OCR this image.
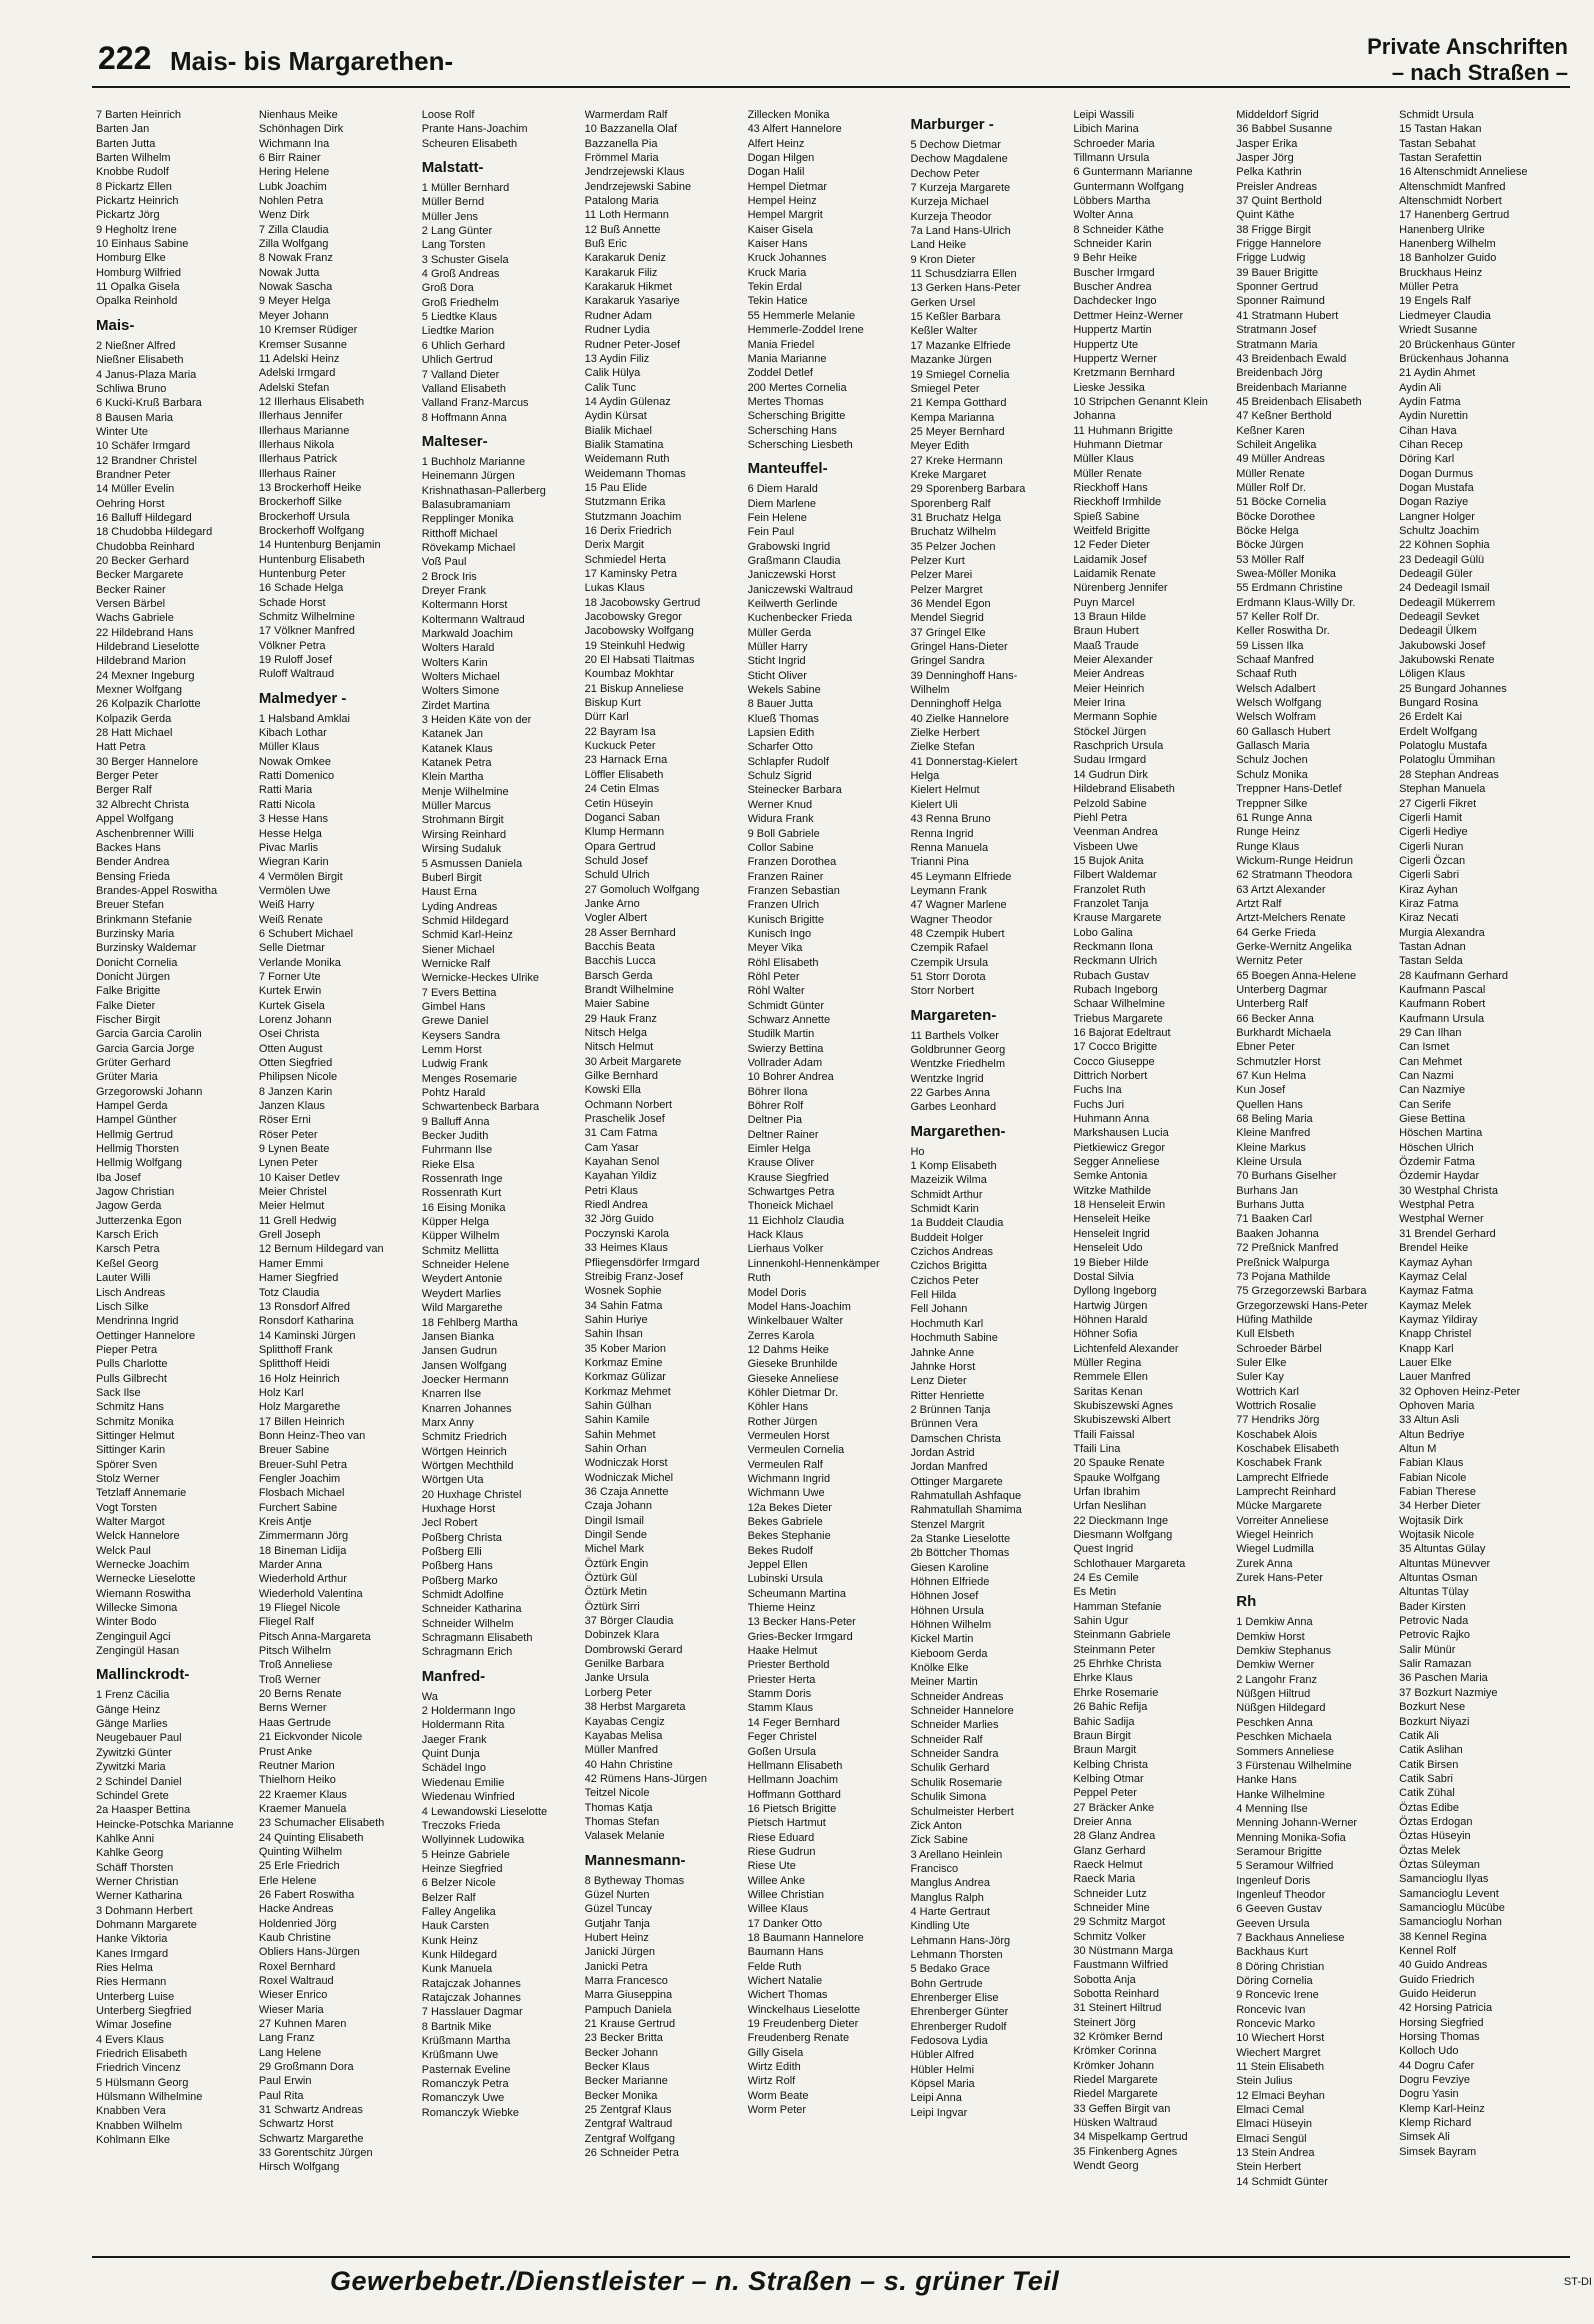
222 Mais- bis Margarethen-	Private Anschriften
– nach Straßen –
7 Barten Heinrich
Barten Jan
Barten Jutta
Barten Wilhelm
Knobbe Rudolf
8 Pickartz Ellen
Pickartz Heinrich
Pickartz Jörg
9 Hegholtz Irene
10 Einhaus Sabine
Homburg Elke
Homburg Wilfried
11 Opalka Gisela
Opalka Reinhold
Mais-
2 Nießner Alfred
Nießner Elisabeth
4 Janus-Plaza Maria
Schliwa Bruno
6 Kucki-Kruß Barbara
8 Bausen Maria
Winter Ute
10 Schäfer Irmgard
12 Brandner Christel
Brandner Peter
14 Müller Evelin
Oehring Horst
16 Balluff Hildegard
18 Chudobba Hildegard
Chudobba Reinhard
20 Becker Gerhard
Becker Margarete
Becker Rainer
Versen Bärbel
Wachs Gabriele
22 Hildebrand Hans
Hildebrand Lieselotte
Hildebrand Marion
24 Mexner Ingeburg
Mexner Wolfgang
26 Kolpazik Charlotte
Kolpazik Gerda
28 Hatt Michael
Hatt Petra
30 Berger Hannelore
Berger Peter
Berger Ralf
32 Albrecht Christa
Appel Wolfgang
Aschenbrenner Willi
Backes Hans
Bender Andrea
Bensing Frieda
Brandes-Appel Roswitha
Breuer Stefan
Brinkmann Stefanie
Burzinsky Maria
Burzinsky Waldemar
Donicht Cornelia
Donicht Jürgen
Falke Brigitte
Falke Dieter
Fischer Birgit
Garcia Garcia Carolin
Garcia Garcia Jorge
Grüter Gerhard
Grüter Maria
Grzegorowski Johann
Hampel Gerda
Hampel Günther
Hellmig Gertrud
Hellmig Thorsten
Hellmig Wolfgang
Iba Josef
Jagow Christian
Jagow Gerda
Jutterzenka Egon
Karsch Erich
Karsch Petra
Keßel Georg
Lauter Willi
Lisch Andreas
Lisch Silke
Mendrinna Ingrid
Oettinger Hannelore
Pieper Petra
Pulls Charlotte
Pulls Gilbrecht
Sack Ilse
Schmitz Hans
Schmitz Monika
Sittinger Helmut
Sittinger Karin
Spörer Sven
Stolz Werner
Tetzlaff Annemarie
Vogt Torsten
Walter Margot
Welck Hannelore
Welck Paul
Wernecke Joachim
Wernecke Lieselotte
Wiemann Roswitha
Willecke Simona
Winter Bodo
Zenginguil Agci
Zengingül Hasan
Mallinckrodt-
1 Frenz Cäcilia
Gänge Heinz
Gänge Marlies
Neugebauer Paul
Zywitzki Günter
Zywitzki Maria
2 Schindel Daniel
Schindel Grete
2a Haasper Bettina
Heincke-Potschka Marianne
Kahlke Anni
Kahlke Georg
Schäff Thorsten
Werner Christian
Werner Katharina
3 Dohmann Herbert
Dohmann Margarete
Hanke Viktoria
Kanes Irmgard
Ries Helma
Ries Hermann
Unterberg Luise
Unterberg Siegfried
Wimar Josefine
4 Evers Klaus
Friedrich Elisabeth
Friedrich Vincenz
5 Hülsmann Georg
Hülsmann Wilhelmine
Knabben Vera
Knabben Wilhelm
Kohlmann Elke
Nienhaus Meike
Schönhagen Dirk
Wichmann Ina
6 Birr Rainer
Hering Helene
Lubk Joachim
Nohlen Petra
Wenz Dirk
7 Zilla Claudia
Zilla Wolfgang
8 Nowak Franz
Nowak Jutta
Nowak Sascha
9 Meyer Helga
Meyer Johann
10 Kremser Rüdiger
Kremser Susanne
11 Adelski Heinz
Adelski Irmgard
Adelski Stefan
12 Illerhaus Elisabeth
Illerhaus Jennifer
Illerhaus Marianne
Illerhaus Nikola
Illerhaus Patrick
Illerhaus Rainer
13 Brockerhoff Heike
Brockerhoff Silke
Brockerhoff Ursula
Brockerhoff Wolfgang
14 Huntenburg Benjamin
Huntenburg Elisabeth
Huntenburg Peter
16 Schade Helga
Schade Horst
Schmitz Wilhelmine
17 Völkner Manfred
Völkner Petra
19 Ruloff Josef
Ruloff Waltraud
Malmedyer -
1 Halsband Amklai
Kibach Lothar
Müller Klaus
Nowak Omkee
Ratti Domenico
Ratti Maria
Ratti Nicola
3 Hesse Hans
Hesse Helga
Pivac Marlis
Wiegran Karin
4 Vermölen Birgit
Vermölen Uwe
Weiß Harry
Weiß Renate
6 Schubert Michael
Selle Dietmar
Verlande Monika
7 Forner Ute
Kurtek Erwin
Kurtek Gisela
Lorenz Johann
Osei Christa
Otten August
Otten Siegfried
Philipsen Nicole
8 Janzen Karin
Janzen Klaus
Röser Erni
Röser Peter
9 Lynen Beate
Lynen Peter
10 Kaiser Detlev
Meier Christel
Meier Helmut
11 Grell Hedwig
Grell Joseph
12 Bernum Hildegard van
Hamer Emmi
Hamer Siegfried
Totz Claudia
13 Ronsdorf Alfred
Ronsdorf Katharina
14 Kaminski Jürgen
Splitthoff Frank
Splitthoff Heidi
16 Holz Heinrich
Holz Karl
Holz Margarethe
17 Billen Heinrich
Bonn Heinz-Theo van
Breuer Sabine
Breuer-Suhl Petra
Fengler Joachim
Flosbach Michael
Furchert Sabine
Kreis Antje
Zimmermann Jörg
18 Bineman Lidija
Marder Anna
Wiederhold Arthur
Wiederhold Valentina
19 Fliegel Nicole
Fliegel Ralf
Pitsch Anna-Margareta
Pitsch Wilhelm
Troß Anneliese
Troß Werner
20 Berns Renate
Berns Werner
Haas Gertrude
21 Eickvonder Nicole
Prust Anke
Reutner Marion
Thielhorn Heiko
22 Kraemer Klaus
Kraemer Manuela
23 Schumacher Elisabeth
24 Quinting Elisabeth
Quinting Wilhelm
25 Erle Friedrich
Erle Helene
26 Fabert Roswitha
Hacke Andreas
Holdenried Jörg
Kaub Christine
Obliers Hans-Jürgen
Roxel Bernhard
Roxel Waltraud
Wieser Enrico
Wieser Maria
27 Kuhnen Maren
Lang Franz
Lang Helene
29 Großmann Dora
Paul Erwin
Paul Rita
31 Schwartz Andreas
Schwartz Horst
Schwartz Margarethe
33 Gorentschitz Jürgen
Hirsch Wolfgang
Loose Rolf
Prante Hans-Joachim
Scheuren Elisabeth
Malstatt-
1 Müller Bernhard
Müller Bernd
Müller Jens
2 Lang Günter
Lang Torsten
3 Schuster Gisela
4 Groß Andreas
Groß Dora
Groß Friedhelm
5 Liedtke Klaus
Liedtke Marion
6 Uhlich Gerhard
Uhlich Gertrud
7 Valland Dieter
Valland Elisabeth
Valland Franz-Marcus
8 Hoffmann Anna
Malteser-
1 Buchholz Marianne
Heinemann Jürgen
Krishnathasan-Pallerberg
Balasubramaniam
Repplinger Monika
Ritthoff Michael
Rövekamp Michael
Voß Paul
2 Brock Iris
Dreyer Frank
Koltermann Horst
Koltermann Waltraud
Markwald Joachim
Wolters Harald
Wolters Karin
Wolters Michael
Wolters Simone
Zirdet Martina
3 Heiden Käte von der
Katanek Jan
Katanek Klaus
Katanek Petra
Klein Martha
Menje Wilhelmine
Müller Marcus
Strohmann Birgit
Wirsing Reinhard
Wirsing Sudaluk
5 Asmussen Daniela
Buberl Birgit
Haust Erna
Lyding Andreas
Schmid Hildegard
Schmid Karl-Heinz
Siener Michael
Wernicke Ralf
Wernicke-Heckes Ulrike
7 Evers Bettina
Gimbel Hans
Grewe Daniel
Keysers Sandra
Lemm Horst
Ludwig Frank
Menges Rosemarie
Pohtz Harald
Schwartenbeck Barbara
9 Balluff Anna
Becker Judith
Fuhrmann Ilse
Rieke Elsa
Rossenrath Inge
Rossenrath Kurt
16 Eising Monika
Küpper Helga
Küpper Wilhelm
Schmitz Mellitta
Schneider Helene
Weydert Antonie
Weydert Marlies
Wild Margarethe
18 Fehlberg Martha
Jansen Bianka
Jansen Gudrun
Jansen Wolfgang
Joecker Hermann
Knarren Ilse
Knarren Johannes
Marx Anny
Schmitz Friedrich
Wörtgen Heinrich
Wörtgen Mechthild
Wörtgen Uta
20 Huxhage Christel
Huxhage Horst
Jecl Robert
Poßberg Christa
Poßberg Elli
Poßberg Hans
Poßberg Marko
Schmidt Adolfine
Schneider Katharina
Schneider Wilhelm
Schragmann Elisabeth
Schragmann Erich
Manfred-
Wa
2 Holdermann Ingo
Holdermann Rita
Jaeger Frank
Quint Dunja
Schädel Ingo
Wiedenau Emilie
Wiedenau Winfried
4 Lewandowski Lieselotte
Treczoks Frieda
Wollyinnek Ludowika
5 Heinze Gabriele
Heinze Siegfried
6 Belzer Nicole
Belzer Ralf
Falley Angelika
Hauk Carsten
Kunk Heinz
Kunk Hildegard
Kunk Manuela
Ratajczak Johannes
Ratajczak Johannes
7 Hasslauer Dagmar
8 Bartnik Mike
Krüßmann Martha
Krüßmann Uwe
Pasternak Eveline
Romanczyk Petra
Romanczyk Uwe
Romanczyk Wiebke
Warmerdam Ralf
10 Bazzanella Olaf
Bazzanella Pia
Frömmel Maria
Jendrzejewski Klaus
Jendrzejewski Sabine
Patalong Maria
11 Loth Hermann
12 Buß Annette
Buß Eric
Karakaruk Deniz
Karakaruk Filiz
Karakaruk Hikmet
Karakaruk Yasariye
Rudner Adam
Rudner Lydia
Rudner Peter-Josef
13 Aydin Filiz
Calik Hülya
Calik Tunc
14 Aydin Gülenaz
Aydin Kürsat
Bialik Michael
Bialik Stamatina
Weidemann Ruth
Weidemann Thomas
15 Pau Elide
Stutzmann Erika
Stutzmann Joachim
16 Derix Friedrich
Derix Margit
Schmiedel Herta
17 Kaminsky Petra
Lukas Klaus
18 Jacobowsky Gertrud
Jacobowsky Gregor
Jacobowsky Wolfgang
19 Steinkuhl Hedwig
20 El Habsati Tlaitmas
Koumbaz Mokhtar
21 Biskup Anneliese
Biskup Kurt
Dürr Karl
22 Bayram Isa
Kuckuck Peter
23 Harnack Erna
Löffler Elisabeth
24 Cetin Elmas
Cetin Hüseyin
Doganci Saban
Klump Hermann
Opara Gertrud
Schuld Josef
Schuld Ulrich
27 Gomoluch Wolfgang
Janke Arno
Vogler Albert
28 Asser Bernhard
Bacchis Beata
Bacchis Lucca
Barsch Gerda
Brandt Wilhelmine
Maier Sabine
29 Hauk Franz
Nitsch Helga
Nitsch Helmut
30 Arbeit Margarete
Gilke Bernhard
Kowski Ella
Ochmann Norbert
Praschelik Josef
31 Cam Fatma
Cam Yasar
Kayahan Senol
Kayahan Yildiz
Petri Klaus
Riedl Andrea
32 Jörg Guido
Poczynski Karola
33 Heimes Klaus
Pfliegensdörfer Irmgard
Streibig Franz-Josef
Wosnek Sophie
34 Sahin Fatma
Sahin Huriye
Sahin Ihsan
35 Kober Marion
Korkmaz Emine
Korkmaz Gülizar
Korkmaz Mehmet
Sahin Gülhan
Sahin Kamile
Sahin Mehmet
Sahin Orhan
Wodniczak Horst
Wodniczak Michel
36 Czaja Annette
Czaja Johann
Dingil Ismail
Dingil Sende
Michel Mark
Öztürk Engin
Öztürk Gül
Öztürk Metin
Öztürk Sirri
37 Börger Claudia
Dobinzek Klara
Dombrowski Gerard
Genilke Barbara
Janke Ursula
Lorberg Peter
38 Herbst Margareta
Kayabas Cengiz
Kayabas Melisa
Müller Manfred
40 Hahn Christine
42 Rümens Hans-Jürgen
Teitzel Nicole
Thomas Katja
Thomas Stefan
Valasek Melanie
Mannesmann-
8 Bytheway Thomas
Güzel Nurten
Güzel Tuncay
Gutjahr Tanja
Hubert Heinz
Janicki Jürgen
Janicki Petra
Marra Francesco
Marra Giuseppina
Pampuch Daniela
21 Krause Gertrud
23 Becker Britta
Becker Johann
Becker Klaus
Becker Marianne
Becker Monika
25 Zentgraf Klaus
Zentgraf Waltraud
Zentgraf Wolfgang
26 Schneider Petra
Zillecken Monika
43 Alfert Hannelore
Alfert Heinz
Dogan Hilgen
Dogan Halil
Hempel Dietmar
Hempel Heinz
Hempel Margrit
Kaiser Gisela
Kaiser Hans
Kruck Johannes
Kruck Maria
Tekin Erdal
Tekin Hatice
55 Hemmerle Melanie
Hemmerle-Zoddel Irene
Mania Friedel
Mania Marianne
Zoddel Detlef
200 Mertes Cornelia
Mertes Thomas
Schersching Brigitte
Schersching Hans
Schersching Liesbeth
Manteuffel-
6 Diem Harald
Diem Marlene
Fein Helene
Fein Paul
Grabowski Ingrid
Graßmann Claudia
Janiczewski Horst
Janiczewski Waltraud
Keilwerth Gerlinde
Kuchenbecker Frieda
Müller Gerda
Müller Harry
Sticht Ingrid
Sticht Oliver
Wekels Sabine
8 Bauer Jutta
Klueß Thomas
Lapsien Edith
Scharfer Otto
Schlapfer Rudolf
Schulz Sigrid
Steinecker Barbara
Werner Knud
Widura Frank
9 Boll Gabriele
Collor Sabine
Franzen Dorothea
Franzen Rainer
Franzen Sebastian
Franzen Ulrich
Kunisch Brigitte
Kunisch Ingo
Meyer Vika
Röhl Elisabeth
Röhl Peter
Röhl Walter
Schmidt Günter
Schwarz Annette
Studilk Martin
Swierzy Bettina
Vollrader Adam
10 Bohrer Andrea
Böhrer Ilona
Böhrer Rolf
Deltner Pia
Deltner Rainer
Eimler Helga
Krause Oliver
Krause Siegfried
Schwartges Petra
Thoneick Michael
11 Eichholz Claudia
Hack Klaus
Lierhaus Volker
Linnenkohl-Hennenkämper
Ruth
Model Doris
Model Hans-Joachim
Winkelbauer Walter
Zerres Karola
12 Dahms Heike
Gieseke Brunhilde
Gieseke Anneliese
Köhler Dietmar Dr.
Köhler Hans
Rother Jürgen
Vermeulen Horst
Vermeulen Cornelia
Vermeulen Ralf
Wichmann Ingrid
Wichmann Uwe
12a Bekes Dieter
Bekes Gabriele
Bekes Stephanie
Bekes Rudolf
Jeppel Ellen
Lubinski Ursula
Scheumann Martina
Thieme Heinz
13 Becker Hans-Peter
Gries-Becker Irmgard
Haake Helmut
Priester Berthold
Priester Herta
Stamm Doris
Stamm Klaus
14 Feger Bernhard
Feger Christel
Goßen Ursula
Hellmann Elisabeth
Hellmann Joachim
Hoffmann Gotthard
16 Pietsch Brigitte
Pietsch Hartmut
Riese Eduard
Riese Gudrun
Riese Ute
Willee Anke
Willee Christian
Willee Klaus
17 Danker Otto
18 Baumann Hannelore
Baumann Hans
Felde Ruth
Wichert Natalie
Wichert Thomas
Winckelhaus Lieselotte
19 Freudenberg Dieter
Freudenberg Renate
Gilly Gisela
Wirtz Edith
Wirtz Rolf
Worm Beate
Worm Peter
Marburger -
5 Dechow Dietmar
Dechow Magdalene
Dechow Peter
7 Kurzeja Margarete
Kurzeja Michael
Kurzeja Theodor
7a Land Hans-Ulrich
Land Heike
9 Kron Dieter
11 Schusdziarra Ellen
13 Gerken Hans-Peter
Gerken Ursel
15 Keßler Barbara
Keßler Walter
17 Mazanke Elfriede
Mazanke Jürgen
19 Smiegel Cornelia
Smiegel Peter
21 Kempa Gotthard
Kempa Marianna
25 Meyer Bernhard
Meyer Edith
27 Kreke Hermann
Kreke Margaret
29 Sporenberg Barbara
Sporenberg Ralf
31 Bruchatz Helga
Bruchatz Wilhelm
35 Pelzer Jochen
Pelzer Kurt
Pelzer Marei
Pelzer Margret
36 Mendel Egon
Mendel Siegrid
37 Gringel Elke
Gringel Hans-Dieter
Gringel Sandra
39 Denninghoff Hans-
Wilhelm
Denninghoff Helga
40 Zielke Hannelore
Zielke Herbert
Zielke Stefan
41 Donnerstag-Kielert
Helga
Kielert Helmut
Kielert Uli
43 Renna Bruno
Renna Ingrid
Renna Manuela
Trianni Pina
45 Leymann Elfriede
Leymann Frank
47 Wagner Marlene
Wagner Theodor
48 Czempik Hubert
Czempik Rafael
Czempik Ursula
51 Storr Dorota
Storr Norbert
Margareten-
11 Barthels Volker
Goldbrunner Georg
Wentzke Friedhelm
Wentzke Ingrid
22 Garbes Anna
Garbes Leonhard
Margarethen-
Ho
1 Komp Elisabeth
Mazeizik Wilma
Schmidt Arthur
Schmidt Karin
1a Buddeit Claudia
Buddeit Holger
Czichos Andreas
Czichos Brigitta
Czichos Peter
Fell Hilda
Fell Johann
Hochmuth Karl
Hochmuth Sabine
Jahnke Anne
Jahnke Horst
Lenz Dieter
Ritter Henriette
2 Brünnen Tanja
Brünnen Vera
Damschen Christa
Jordan Astrid
Jordan Manfred
Ottinger Margarete
Rahmatullah Ashfaque
Rahmatullah Shamima
Stenzel Margrit
2a Stanke Lieselotte
2b Böttcher Thomas
Giesen Karoline
Höhnen Elfriede
Höhnen Josef
Höhnen Ursula
Höhnen Wilhelm
Kickel Martin
Kieboom Gerda
Knölke Elke
Meiner Martin
Schneider Andreas
Schneider Hannelore
Schneider Marlies
Schneider Ralf
Schneider Sandra
Schulik Gerhard
Schulik Rosemarie
Schulik Simona
Schulmeister Herbert
Zick Anton
Zick Sabine
3 Arellano Heinlein
Francisco
Manglus Andrea
Manglus Ralph
4 Harte Gertraut
Kindling Ute
Lehmann Hans-Jörg
Lehmann Thorsten
5 Bedako Grace
Bohn Gertrude
Ehrenberger Elise
Ehrenberger Günter
Ehrenberger Rudolf
Fedosova Lydia
Hübler Alfred
Hübler Helmi
Köpsel Maria
Leipi Anna
Leipi Ingvar
Leipi Wassili
Libich Marina
Schroeder Maria
Tillmann Ursula
6 Guntermann Marianne
Guntermann Wolfgang
Löbbers Martha
Wolter Anna
8 Schneider Käthe
Schneider Karin
9 Behr Heike
Buscher Irmgard
Buscher Andrea
Dachdecker Ingo
Dettmer Heinz-Werner
Huppertz Martin
Huppertz Ute
Huppertz Werner
Kretzmann Bernhard
Lieske Jessika
10 Stripchen Genannt Klein
Johanna
11 Huhmann Brigitte
Huhmann Dietmar
Müller Klaus
Müller Renate
Rieckhoff Hans
Rieckhoff Irmhilde
Spieß Sabine
Weitfeld Brigitte
12 Feder Dieter
Laidamik Josef
Laidamik Renate
Nürenberg Jennifer
Puyn Marcel
13 Braun Hilde
Braun Hubert
Maaß Traude
Meier Alexander
Meier Andreas
Meier Heinrich
Meier Irina
Mermann Sophie
Stöckel Jürgen
Raschprich Ursula
Sudau Irmgard
14 Gudrun Dirk
Hildebrand Elisabeth
Pelzold Sabine
Piehl Petra
Veenman Andrea
Visbeen Uwe
15 Bujok Anita
Filbert Waldemar
Franzolet Ruth
Franzolet Tanja
Krause Margarete
Lobo Galina
Reckmann Ilona
Reckmann Ulrich
Rubach Gustav
Rubach Ingeborg
Schaar Wilhelmine
Triebus Margarete
16 Bajorat Edeltraut
17 Cocco Brigitte
Cocco Giuseppe
Dittrich Norbert
Fuchs Ina
Fuchs Juri
Huhmann Anna
Markshausen Lucia
Pietkiewicz Gregor
Segger Anneliese
Semke Antonia
Witzke Mathilde
18 Henseleit Erwin
Henseleit Heike
Henseleit Ingrid
Henseleit Udo
19 Bieber Hilde
Dostal Silvia
Dyllong Ingeborg
Hartwig Jürgen
Höhnen Harald
Höhner Sofia
Lichtenfeld Alexander
Müller Regina
Remmele Ellen
Saritas Kenan
Skubiszewski Agnes
Skubiszewski Albert
Tfaili Faissal
Tfaili Lina
20 Spauke Renate
Spauke Wolfgang
Urfan Ibrahim
Urfan Neslihan
22 Dieckmann Inge
Diesmann Wolfgang
Quest Ingrid
Schlothauer Margareta
24 Es Cemile
Es Metin
Hamman Stefanie
Sahin Ugur
Steinmann Gabriele
Steinmann Peter
25 Ehrhke Christa
Ehrke Klaus
Ehrke Rosemarie
26 Bahic Refija
Bahic Sadija
Braun Birgit
Braun Margit
Kelbing Christa
Kelbing Otmar
Peppel Peter
27 Bräcker Anke
Dreier Anna
28 Glanz Andrea
Glanz Gerhard
Raeck Helmut
Raeck Maria
Schneider Lutz
Schneider Mine
29 Schmitz Margot
Schmitz Volker
30 Nüstmann Marga
Faustmann Wilfried
Sobotta Anja
Sobotta Reinhard
31 Steinert Hiltrud
Steinert Jörg
32 Krömker Bernd
Krömker Corinna
Krömker Johann
Riedel Margarete
Riedel Margarete
33 Geffen Birgit van
Hüsken Waltraud
34 Mispelkamp Gertrud
35 Finkenberg Agnes
Wendt Georg
Middeldorf Sigrid
36 Babbel Susanne
Jasper Erika
Jasper Jörg
Pelka Kathrin
Preisler Andreas
37 Quint Berthold
Quint Käthe
38 Frigge Birgit
Frigge Hannelore
Frigge Ludwig
39 Bauer Brigitte
Sponner Gertrud
Sponner Raimund
41 Stratmann Hubert
Stratmann Josef
Stratmann Maria
43 Breidenbach Ewald
Breidenbach Jörg
Breidenbach Marianne
45 Breidenbach Elisabeth
47 Keßner Berthold
Keßner Karen
Schileit Angelika
49 Müller Andreas
Müller Renate
Müller Rolf Dr.
51 Böcke Cornelia
Böcke Dorothee
Böcke Helga
Böcke Jürgen
53 Möller Ralf
Swea-Möller Monika
55 Erdmann Christine
Erdmann Klaus-Willy Dr.
57 Keller Rolf Dr.
Keller Roswitha Dr.
59 Lissen Ilka
Schaaf Manfred
Schaaf Ruth
Welsch Adalbert
Welsch Wolfgang
Welsch Wolfram
60 Gallasch Hubert
Gallasch Maria
Schulz Jochen
Schulz Monika
Treppner Hans-Detlef
Treppner Silke
61 Runge Anna
Runge Heinz
Runge Klaus
Wickum-Runge Heidrun
62 Stratmann Theodora
63 Artzt Alexander
Artzt Ralf
Artzt-Melchers Renate
64 Gerke Frieda
Gerke-Wernitz Angelika
Wernitz Peter
65 Boegen Anna-Helene
Unterberg Dagmar
Unterberg Ralf
66 Becker Anna
Burkhardt Michaela
Ebner Peter
Schmutzler Horst
67 Kun Helma
Kun Josef
Quellen Hans
68 Beling Maria
Kleine Manfred
Kleine Markus
Kleine Ursula
70 Burhans Giselher
Burhans Jan
Burhans Jutta
71 Baaken Carl
Baaken Johanna
72 Preßnick Manfred
Preßnick Walpurga
73 Pojana Mathilde
75 Grzegorzewski Barbara
Grzegorzewski Hans-Peter
Hüfing Mathilde
Kull Elsbeth
Schroeder Bärbel
Suler Elke
Suler Kay
Wottrich Karl
Wottrich Rosalie
77 Hendriks Jörg
Koschabek Alois
Koschabek Elisabeth
Koschabek Frank
Lamprecht Elfriede
Lamprecht Reinhard
Mücke Margarete
Vorreiter Anneliese
Wiegel Heinrich
Wiegel Ludmilla
Zurek Anna
Zurek Hans-Peter
Rh
1 Demkiw Anna
Demkiw Horst
Demkiw Stephanus
Demkiw Werner
2 Langohr Franz
Nüßgen Hiltrud
Nüßgen Hildegard
Peschken Anna
Peschken Michaela
Sommers Anneliese
3 Fürstenau Wilhelmine
Hanke Hans
Hanke Wilhelmine
4 Menning Ilse
Menning Johann-Werner
Menning Monika-Sofia
Seramour Brigitte
5 Seramour Wilfried
Ingenleuf Doris
Ingenleuf Theodor
6 Geeven Gustav
Geeven Ursula
7 Backhaus Anneliese
Backhaus Kurt
8 Döring Christian
Döring Cornelia
9 Roncevic Irene
Roncevic Ivan
Roncevic Marko
10 Wiechert Horst
Wiechert Margret
11 Stein Elisabeth
Stein Julius
12 Elmaci Beyhan
Elmaci Cemal
Elmaci Hüseyin
Elmaci Sengül
13 Stein Andrea
Stein Herbert
14 Schmidt Günter
Schmidt Ursula
15 Tastan Hakan
Tastan Sebahat
Tastan Serafettin
16 Altenschmidt Anneliese
Altenschmidt Manfred
Altenschmidt Norbert
17 Hanenberg Gertrud
Hanenberg Ulrike
Hanenberg Wilhelm
18 Banholzer Guido
Bruckhaus Heinz
Müller Petra
19 Engels Ralf
Liedmeyer Claudia
Wriedt Susanne
20 Brückenhaus Günter
Brückenhaus Johanna
21 Aydin Ahmet
Aydin Ali
Aydin Fatma
Aydin Nurettin
Cihan Hava
Cihan Recep
Döring Karl
Dogan Durmus
Dogan Mustafa
Dogan Raziye
Langner Holger
Schultz Joachim
22 Köhnen Sophia
23 Dedeagil Gülü
Dedeagil Güler
24 Dedeagil Ismail
Dedeagil Mükerrem
Dedeagil Sevket
Dedeagil Ülkem
Jakubowski Josef
Jakubowski Renate
Löligen Klaus
25 Bungard Johannes
Bungard Rosina
26 Erdelt Kai
Erdelt Wolfgang
Polatoglu Mustafa
Polatoglu Ümmihan
28 Stephan Andreas
Stephan Manuela
27 Cigerli Fikret
Cigerli Hamit
Cigerli Hediye
Cigerli Nuran
Cigerli Özcan
Cigerli Sabri
Kiraz Ayhan
Kiraz Fatma
Kiraz Necati
Murgia Alexandra
Tastan Adnan
Tastan Selda
28 Kaufmann Gerhard
Kaufmann Pascal
Kaufmann Robert
Kaufmann Ursula
29 Can Ilhan
Can Ismet
Can Mehmet
Can Nazmi
Can Nazmiye
Can Serife
Giese Bettina
Höschen Martina
Höschen Ulrich
Özdemir Fatma
Özdemir Haydar
30 Westphal Christa
Westphal Petra
Westphal Werner
31 Brendel Gerhard
Brendel Heike
Kaymaz Ayhan
Kaymaz Celal
Kaymaz Fatma
Kaymaz Melek
Kaymaz Yildiray
Knapp Christel
Knapp Karl
Lauer Elke
Lauer Manfred
32 Ophoven Heinz-Peter
Ophoven Maria
33 Altun Asli
Altun Bedriye
Altun M
Fabian Klaus
Fabian Nicole
Fabian Therese
34 Herber Dieter
Wojtasik Dirk
Wojtasik Nicole
35 Altuntas Gülay
Altuntas Münevver
Altuntas Osman
Altuntas Tülay
Bader Kirsten
Petrovic Nada
Petrovic Rajko
Salir Münür
Salir Ramazan
36 Paschen Maria
37 Bozkurt Nazmiye
Bozkurt Nese
Bozkurt Niyazi
Catik Ali
Catik Aslihan
Catik Birsen
Catik Sabri
Catik Zühal
Öztas Edibe
Öztas Erdogan
Öztas Hüseyin
Öztas Melek
Öztas Süleyman
Samancioglu Ilyas
Samancioglu Levent
Samancioglu Mücübe
Samancioglu Norhan
38 Kennel Regina
Kennel Rolf
40 Guido Andreas
Guido Friedrich
Guido Heiderun
42 Horsing Patricia
Horsing Siegfried
Horsing Thomas
Kolloch Udo
44 Dogru Cafer
Dogru Fevziye
Dogru Yasin
Klemp Karl-Heinz
Klemp Richard
Simsek Ali
Simsek Bayram
Gewerbebetr./Dienstleister – n. Straßen – s. grüner Teil	ST-DI
